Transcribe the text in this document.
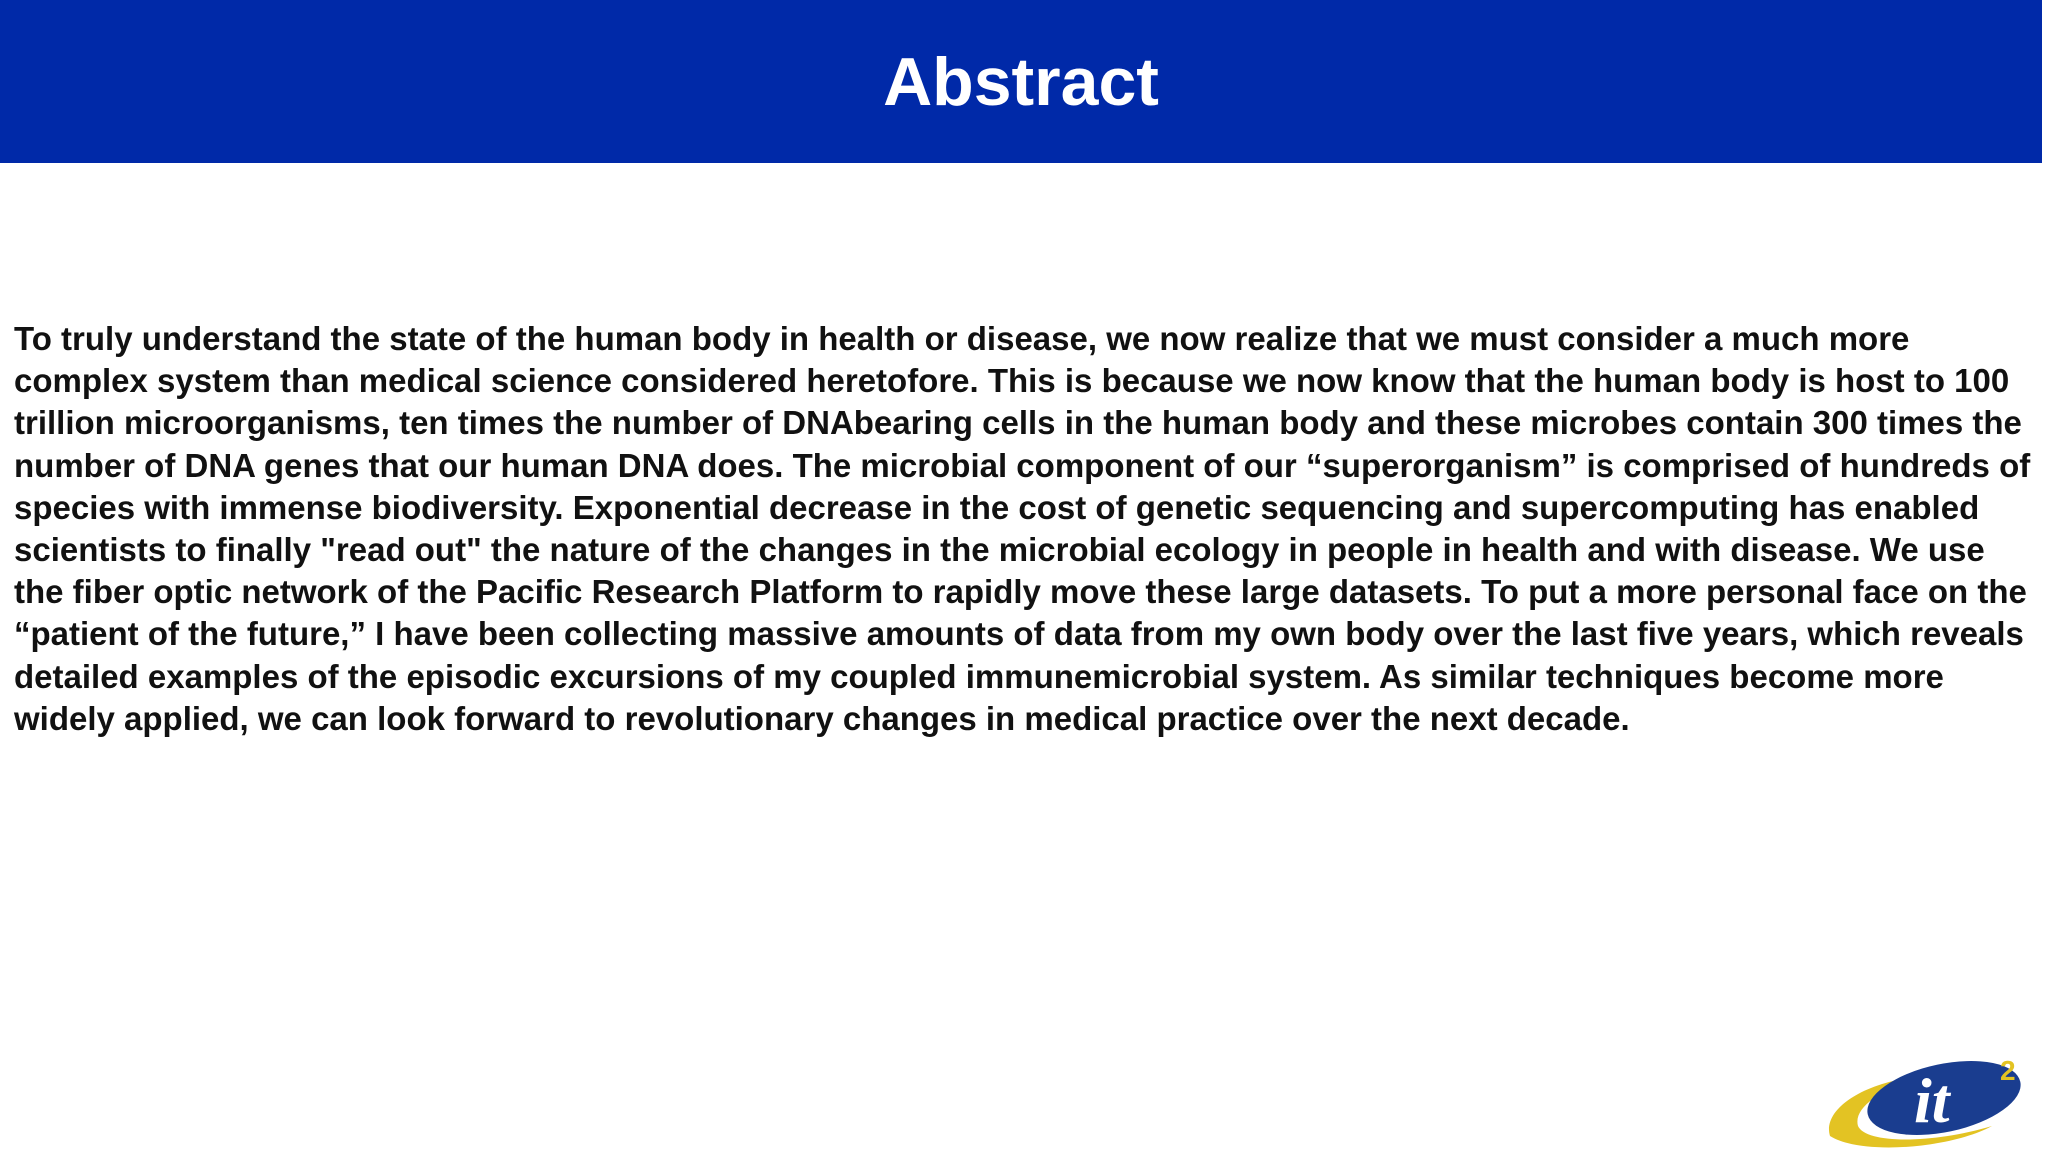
Abstract

To truly understand the state of the human body in health or disease, we now realize that we must consider a much more complex system than medical science considered heretofore. This is because we now know that the human body is host to 100 trillion microorganisms, ten times the number of DNAbearing cells in the human body and these microbes contain 300 times the number of DNA genes that our human DNA does. The microbial component of our “superorganism” is comprised of hundreds of species with immense biodiversity. Exponential decrease in the cost of genetic sequencing and supercomputing has enabled scientists to finally "read out" the nature of the changes in the microbial ecology in people in health and with disease. We use the fiber optic network of the Pacific Research Platform to rapidly move these large datasets. To put a more personal face on the “patient of the future,” I have been collecting massive amounts of data from my own body over the last five years, which reveals detailed examples of the episodic excursions of my coupled immunemicrobial system. As similar techniques become more widely applied, we can look forward to revolutionary changes in medical practice over the next decade.

it 2
